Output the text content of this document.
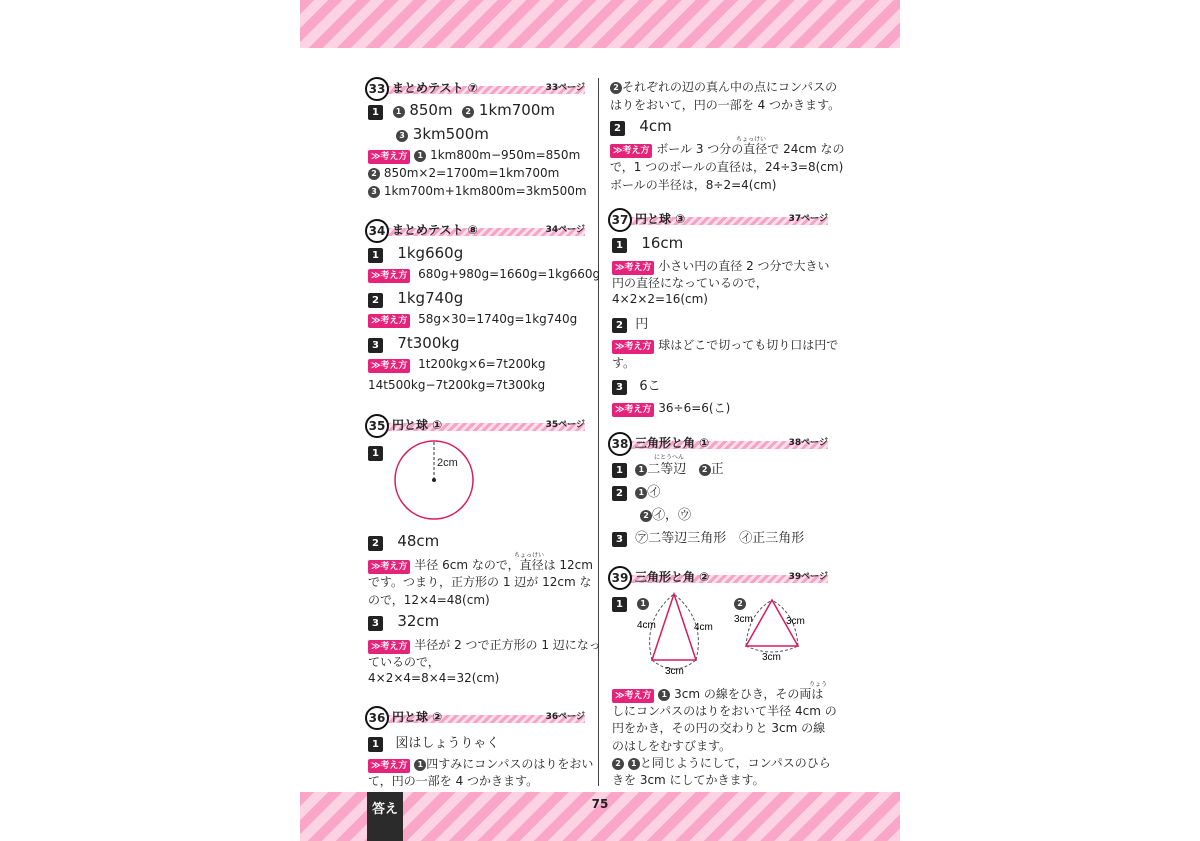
答え	75
33 まとめテスト ⑦	33ページ
1 1 850m 2 1km700m
3 3km500m
≫考え方 1 1km800m−950m=850m
2 850m×2=1700m=1km700m
3 1km700m+1km800m=3km500m
34 まとめテスト ⑧	34ページ
1 1kg660g
≫考え方 680g+980g=1660g=1kg660g
2 1kg740g
≫考え方 58g×30=1740g=1kg740g
3 7t300kg
≫考え方 1t200kg×6=7t200kg
14t500kg−7t200kg=7t300kg
35 円と球 ①	35ページ
1
2cm
2 48cm
ちょっけい
≫考え方 半径 6cm なので，直径は 12cm
です。つまり，正方形の 1 辺が 12cm な
ので，12×4=48(cm)
3 32cm
≫考え方 半径が 2 つで正方形の 1 辺になっ
ているので，
4×2×4=8×4=32(cm)
36 円と球 ②	36ページ
1 図はしょうりゃく
≫考え方 1 四すみにコンパスのはりをおい
て，円の一部を 4 つかきます。
2 それぞれの辺の真ん中の点にコンパスの
はりをおいて，円の一部を 4 つかきます。
2 4cm
ちょっけい
≫考え方 ボール 3 つ分の直径で 24cm なの
で，1 つのボールの直径は，24÷3=8(cm)
ボールの半径は，8÷2=4(cm)
37 円と球 ③	37ページ
1 16cm
≫考え方 小さい円の直径 2 つ分で大きい
円の直径になっているので，
4×2×2=16(cm)
2 円
≫考え方 球はどこで切っても切り口は円で
す。
3 6こ
≫考え方 36÷6=6(こ)
38 三角形と角 ①	38ページ
にとうへん
1 1 二等辺 2 正
2 1 ㋑
2 ㋑，㋒
3 ㋐二等辺三角形　㋑正三角形
39 三角形と角 ②	39ページ
1 1
4cm	4cm
3cm
2
3cm	3cm
3cm
りょう
≫考え方 1 3cm の線をひき，その両は
しにコンパスのはりをおいて半径 4cm の
円をかき，その円の交わりと 3cm の線
のはしをむすびます。
2 1 と同じようにして，コンパスのひら
きを 3cm にしてかきます。
